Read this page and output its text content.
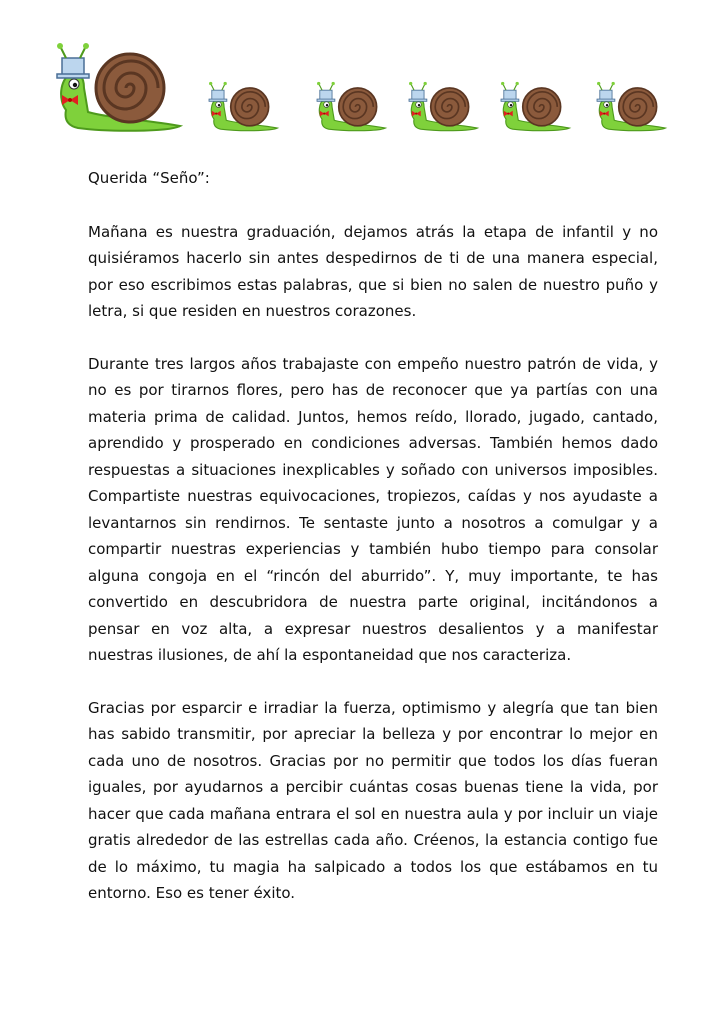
Querida “Seño”:

Mañana es nuestra graduación, dejamos atrás la etapa de infantil y no quisiéramos hacerlo sin antes despedirnos de ti de una manera especial, por eso escribimos estas palabras, que si bien no salen de nuestro puño y letra, si que residen en nuestros corazones.

Durante tres largos años trabajaste con empeño nuestro patrón de vida, y no es por tirarnos flores, pero has de reconocer que ya partías con una materia prima de calidad. Juntos, hemos reído, llorado, jugado, cantado, aprendido y prosperado en condiciones adversas. También hemos dado respuestas a situaciones inexplicables y soñado con universos imposibles. Compartiste nuestras equivocaciones, tropiezos, caídas y nos ayudaste a levantarnos sin rendirnos. Te sentaste junto a nosotros a comulgar y a compartir nuestras experiencias y también hubo tiempo para consolar alguna congoja en el “rincón del aburrido”. Y, muy importante, te has convertido en descubridora de nuestra parte original, incitándonos a pensar en voz alta, a expresar nuestros desalientos y a manifestar nuestras ilusiones, de ahí la espontaneidad que nos caracteriza.

Gracias por esparcir e irradiar la fuerza, optimismo y alegría que tan bien has sabido transmitir, por apreciar la belleza y por encontrar lo mejor en cada uno de nosotros. Gracias por no permitir que todos los días fueran iguales, por ayudarnos a percibir cuántas cosas buenas tiene la vida, por hacer que cada mañana entrara el sol en nuestra aula y por incluir un viaje gratis alrededor de las estrellas cada año. Créenos, la estancia contigo fue de lo máximo, tu magia ha salpicado a todos los que estábamos en tu entorno. Eso es tener éxito.
